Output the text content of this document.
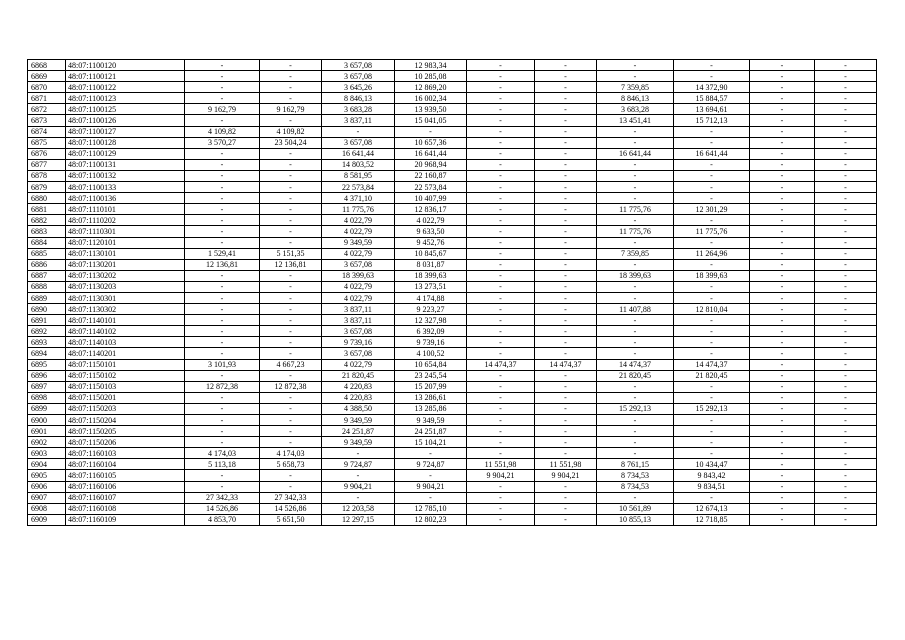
6868	48:07:1100120	-	-	3 657,08	12 983,34	-	-	-	-	-	-
6869	48:07:1100121	-	-	3 657,08	10 285,08	-	-	-	-	-	-
6870	48:07:1100122	-	-	3 645,26	12 869,20	-	-	7 359,85	14 372,90	-	-
6871	48:07:1100123	-	-	8 846,13	16 002,34	-	-	8 846,13	15 884,57	-	-
6872	48:07:1100125	9 162,79	9 162,79	3 683,28	13 939,50	-	-	3 683,28	13 694,61	-	-
6873	48:07:1100126	-	-	3 837,11	15 041,05	-	-	13 451,41	15 712,13	-	-
6874	48:07:1100127	4 109,82	4 109,82	-	-	-	-	-	-	-	-
6875	48:07:1100128	3 570,27	23 504,24	3 657,08	10 657,36	-	-	-	-	-	-
6876	48:07:1100129	-	-	16 641,44	16 641,44	-	-	16 641,44	16 641,44	-	-
6877	48:07:1100131	-	-	14 803,52	20 968,94	-	-	-	-	-	-
6878	48:07:1100132	-	-	8 581,95	22 160,87	-	-	-	-	-	-
6879	48:07:1100133	-	-	22 573,84	22 573,84	-	-	-	-	-	-
6880	48:07:1100136	-	-	4 371,10	10 407,99	-	-	-	-	-	-
6881	48:07:1110101	-	-	11 775,76	12 836,17	-	-	11 775,76	12 301,29	-	-
6882	48:07:1110202	-	-	4 022,79	4 022,79	-	-	-	-	-	-
6883	48:07:1110301	-	-	4 022,79	9 633,50	-	-	11 775,76	11 775,76	-	-
6884	48:07:1120101	-	-	9 349,59	9 452,76	-	-	-	-	-	-
6885	48:07:1130101	1 529,41	5 151,35	4 022,79	10 845,67	-	-	7 359,85	11 264,96	-	-
6886	48:07:1130201	12 136,81	12 136,81	3 657,08	8 031,87	-	-	-	-	-	-
6887	48:07:1130202	-	-	18 399,63	18 399,63	-	-	18 399,63	18 399,63	-	-
6888	48:07:1130203	-	-	4 022,79	13 273,51	-	-	-	-	-	-
6889	48:07:1130301	-	-	4 022,79	4 174,88	-	-	-	-	-	-
6890	48:07:1130302	-	-	3 837,11	9 223,27	-	-	11 407,88	12 810,04	-	-
6891	48:07:1140101	-	-	3 837,11	12 327,98	-	-	-	-	-	-
6892	48:07:1140102	-	-	3 657,08	6 392,09	-	-	-	-	-	-
6893	48:07:1140103	-	-	9 739,16	9 739,16	-	-	-	-	-	-
6894	48:07:1140201	-	-	3 657,08	4 100,52	-	-	-	-	-	-
6895	48:07:1150101	3 101,93	4 667,23	4 022,79	10 654,84	14 474,37	14 474,37	14 474,37	14 474,37	-	-
6896	48:07:1150102	-	-	21 820,45	23 245,54	-	-	21 820,45	21 820,45	-	-
6897	48:07:1150103	12 872,38	12 872,38	4 220,83	15 207,99	-	-	-	-	-	-
6898	48:07:1150201	-	-	4 220,83	13 286,61	-	-	-	-	-	-
6899	48:07:1150203	-	-	4 388,50	13 285,86	-	-	15 292,13	15 292,13	-	-
6900	48:07:1150204	-	-	9 349,59	9 349,59	-	-	-	-	-	-
6901	48:07:1150205	-	-	24 251,87	24 251,87	-	-	-	-	-	-
6902	48:07:1150206	-	-	9 349,59	15 104,21	-	-	-	-	-	-
6903	48:07:1160103	4 174,03	4 174,03	-	-	-	-	-	-	-	-
6904	48:07:1160104	5 113,18	5 658,73	9 724,87	9 724,87	11 551,98	11 551,98	8 761,15	10 434,47	-	-
6905	48:07:1160105	-	-	-	-	9 904,21	9 904,21	8 734,53	9 843,42	-	-
6906	48:07:1160106	-	-	9 904,21	9 904,21	-	-	8 734,53	9 834,51	-	-
6907	48:07:1160107	27 342,33	27 342,33	-	-	-	-	-	-	-	-
6908	48:07:1160108	14 526,86	14 526,86	12 203,58	12 785,10	-	-	10 561,89	12 674,13	-	-
6909	48:07:1160109	4 853,70	5 651,50	12 297,15	12 802,23	-	-	10 855,13	12 718,85	-	-
